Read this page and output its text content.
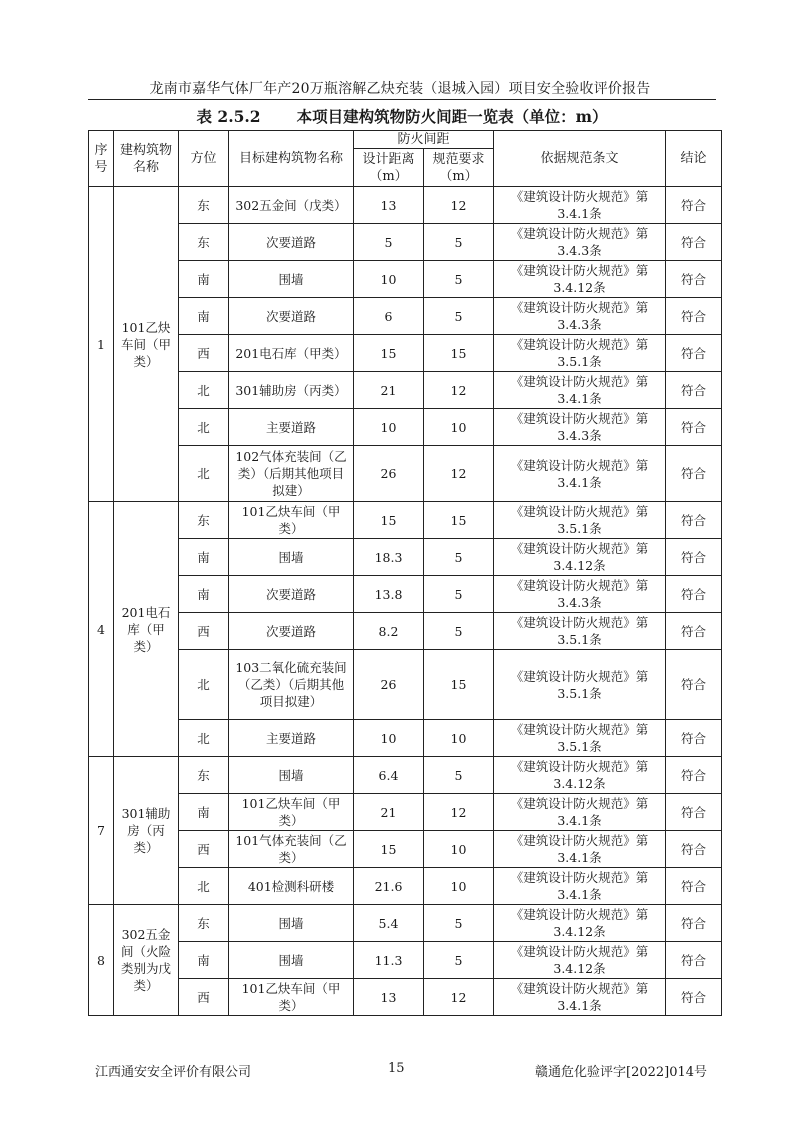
龙南市嘉华气体厂年产20万瓶溶解乙炔充装（退城入园）项目安全验收评价报告
表 2.5.2 本项目建构筑物防火间距一览表（单位：m）
序号	建构筑物名称	方位	目标建构筑物名称	防火间距		依据规范条文	结论
				设计距离（m）	规范要求（m）		
1	101乙炔车间（甲类）	东	302五金间（戊类）	13	12	《建筑设计防火规范》第3.4.1条	符合
		东	次要道路	5	5	《建筑设计防火规范》第3.4.3条	符合
		南	围墙	10	5	《建筑设计防火规范》第3.4.12条	符合
		南	次要道路	6	5	《建筑设计防火规范》第3.4.3条	符合
		西	201电石库（甲类）	15	15	《建筑设计防火规范》第3.5.1条	符合
		北	301辅助房（丙类）	21	12	《建筑设计防火规范》第3.4.1条	符合
		北	主要道路	10	10	《建筑设计防火规范》第3.4.3条	符合
		北	102气体充装间（乙类）（后期其他项目拟建）	26	12	《建筑设计防火规范》第3.4.1条	符合
4	201电石库（甲类）	东	101乙炔车间（甲类）	15	15	《建筑设计防火规范》第3.5.1条	符合
		南	围墙	18.3	5	《建筑设计防火规范》第3.4.12条	符合
		南	次要道路	13.8	5	《建筑设计防火规范》第3.4.3条	符合
		西	次要道路	8.2	5	《建筑设计防火规范》第3.5.1条	符合
		北	103二氧化硫充装间（乙类）（后期其他项目拟建）	26	15	《建筑设计防火规范》第3.5.1条	符合
		北	主要道路	10	10	《建筑设计防火规范》第3.5.1条	符合
7	301辅助房（丙类）	东	围墙	6.4	5	《建筑设计防火规范》第3.4.12条	符合
		南	101乙炔车间（甲类）	21	12	《建筑设计防火规范》第3.4.1条	符合
		西	101气体充装间（乙类）	15	10	《建筑设计防火规范》第3.4.1条	符合
		北	401检测科研楼	21.6	10	《建筑设计防火规范》第3.4.1条	符合
8	302五金间（火险类别为戊类）	东	围墙	5.4	5	《建筑设计防火规范》第3.4.12条	符合
		南	围墙	11.3	5	《建筑设计防火规范》第3.4.12条	符合
		西	101乙炔车间（甲类）	13	12	《建筑设计防火规范》第3.4.1条	符合
江西通安安全评价有限公司	15	赣通危化验评字[2022]014号
